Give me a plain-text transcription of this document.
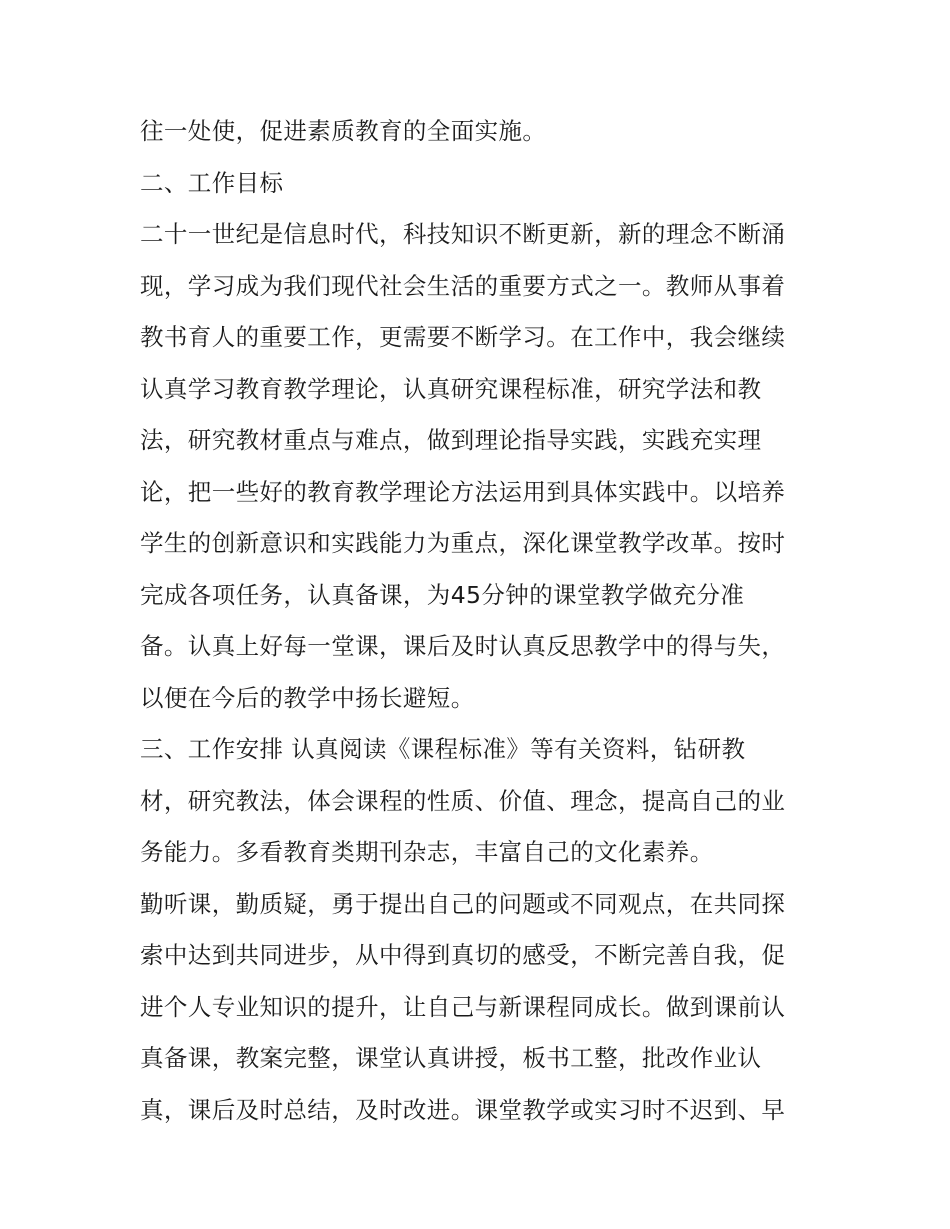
往一处使，促进素质教育的全面实施。
二、工作目标
二十一世纪是信息时代，科技知识不断更新，新的理念不断涌
现，学习成为我们现代社会生活的重要方式之一。教师从事着
教书育人的重要工作，更需要不断学习。在工作中，我会继续
认真学习教育教学理论，认真研究课程标准，研究学法和教
法，研究教材重点与难点，做到理论指导实践，实践充实理
论，把一些好的教育教学理论方法运用到具体实践中。以培养
学生的创新意识和实践能力为重点，深化课堂教学改革。按时
完成各项任务，认真备课，为45分钟的课堂教学做充分准
备。认真上好每一堂课，课后及时认真反思教学中的得与失，
以便在今后的教学中扬长避短。
三、工作安排 认真阅读《课程标准》等有关资料，钻研教
材，研究教法，体会课程的性质、价值、理念，提高自己的业
务能力。多看教育类期刊杂志，丰富自己的文化素养。
勤听课，勤质疑，勇于提出自己的问题或不同观点，在共同探
索中达到共同进步，从中得到真切的感受，不断完善自我，促
进个人专业知识的提升，让自己与新课程同成长。做到课前认
真备课，教案完整，课堂认真讲授，板书工整，批改作业认
真，课后及时总结，及时改进。课堂教学或实习时不迟到、早
